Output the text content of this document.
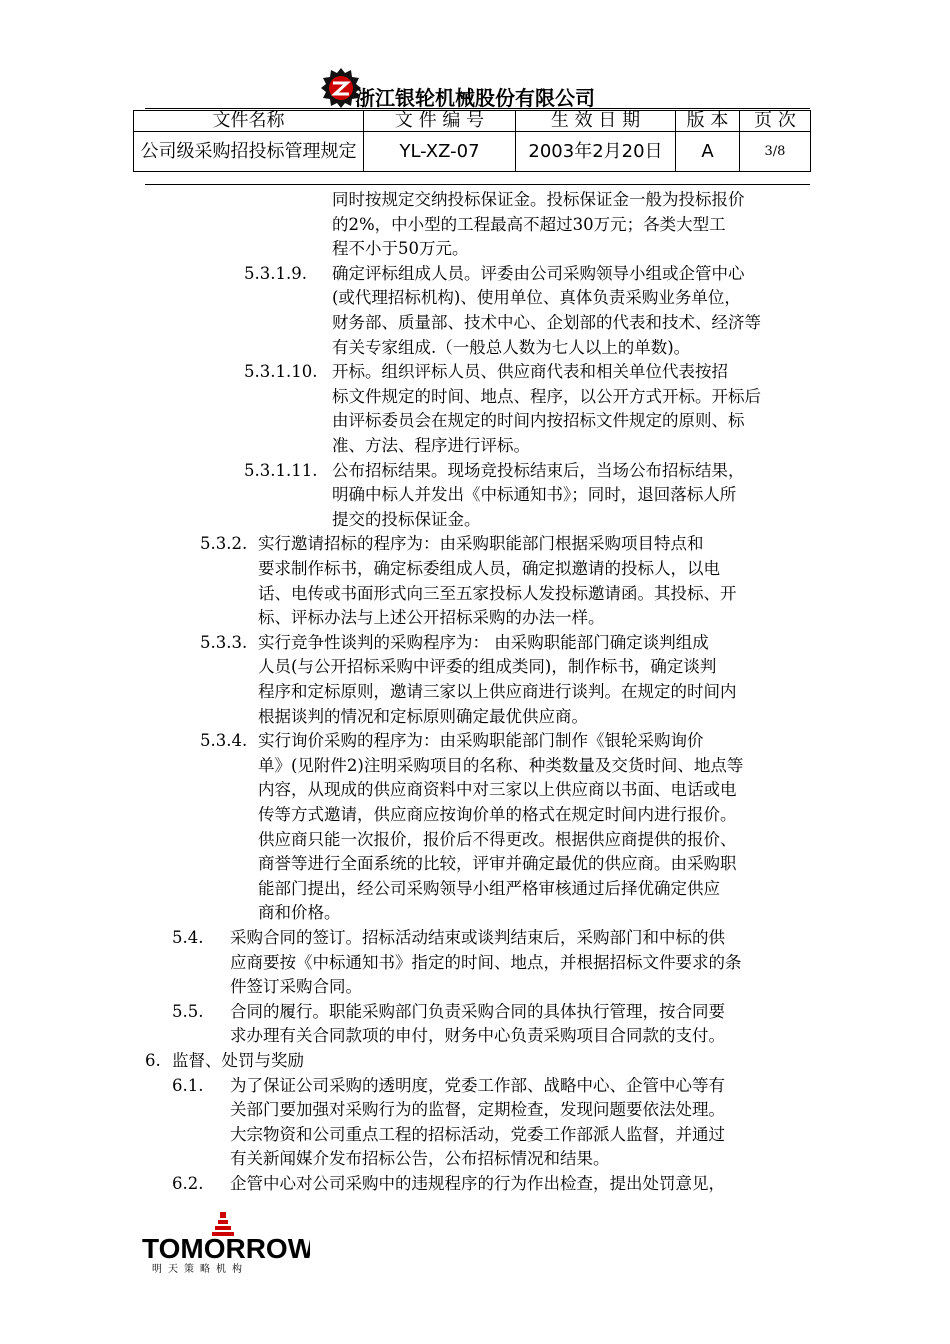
浙江银轮机械股份有限公司
文件名称	文 件 编 号	生 效 日 期	版 本	页 次
公司级采购招投标管理规定	YL-XZ-07	2003年2月20日	A	3/8
同时按规定交纳投标保证金。投标保证金一般为投标报价
的2%，中小型的工程最高不超过30万元；各类大型工
程不小于50万元。
5.3.1.9. 确定评标组成人员。评委由公司采购领导小组或企管中心
(或代理招标机构)、使用单位、真体负责采购业务单位，
财务部、质量部、技术中心、企划部的代表和技术、经济等
有关专家组成.（一般总人数为七人以上的单数)。
5.3.1.10. 开标。组织评标人员、供应商代表和相关单位代表按招
标文件规定的时间、地点、程序，以公开方式开标。开标后
由评标委员会在规定的时间内按招标文件规定的原则、标
准、方法、程序进行评标。
5.3.1.11. 公布招标结果。现场竞投标结束后，当场公布招标结果，
明确中标人并发出《中标通知书》；同时，退回落标人所
提交的投标保证金。
5.3.2. 实行邀请招标的程序为：由采购职能部门根据采购项目特点和
要求制作标书，确定标委组成人员，确定拟邀请的投标人，以电
话、电传或书面形式向三至五家投标人发投标邀请函。其投标、开
标、评标办法与上述公开招标采购的办法一样。
5.3.3. 实行竞争性谈判的采购程序为： 由采购职能部门确定谈判组成
人员(与公开招标采购中评委的组成类同)，制作标书，确定谈判
程序和定标原则，邀请三家以上供应商进行谈判。在规定的时间内
根据谈判的情况和定标原则确定最优供应商。
5.3.4. 实行询价采购的程序为：由采购职能部门制作《银轮采购询价
单》(见附件2)注明采购项目的名称、种类数量及交货时间、地点等
内容，从现成的供应商资料中对三家以上供应商以书面、电话或电
传等方式邀请，供应商应按询价单的格式在规定时间内进行报价。
供应商只能一次报价，报价后不得更改。根据供应商提供的报价、
商誉等进行全面系统的比较，评审并确定最优的供应商。由采购职
能部门提出，经公司采购领导小组严格审核通过后择优确定供应
商和价格。
5.4. 采购合同的签订。招标活动结束或谈判结束后，采购部门和中标的供
应商要按《中标通知书》指定的时间、地点，并根据招标文件要求的条
件签订采购合同。
5.5. 合同的履行。职能采购部门负责采购合同的具体执行管理，按合同要
求办理有关合同款项的申付，财务中心负责采购项目合同款的支付。
6. 监督、处罚与奖励
6.1. 为了保证公司采购的透明度，党委工作部、战略中心、企管中心等有
关部门要加强对采购行为的监督，定期检查，发现问题要依法处理。
大宗物资和公司重点工程的招标活动，党委工作部派人监督，并通过
有关新闻媒介发布招标公告，公布招标情况和结果。
6.2. 企管中心对公司采购中的违规程序的行为作出检查，提出处罚意见，
TOMORROW
明天策略机构
